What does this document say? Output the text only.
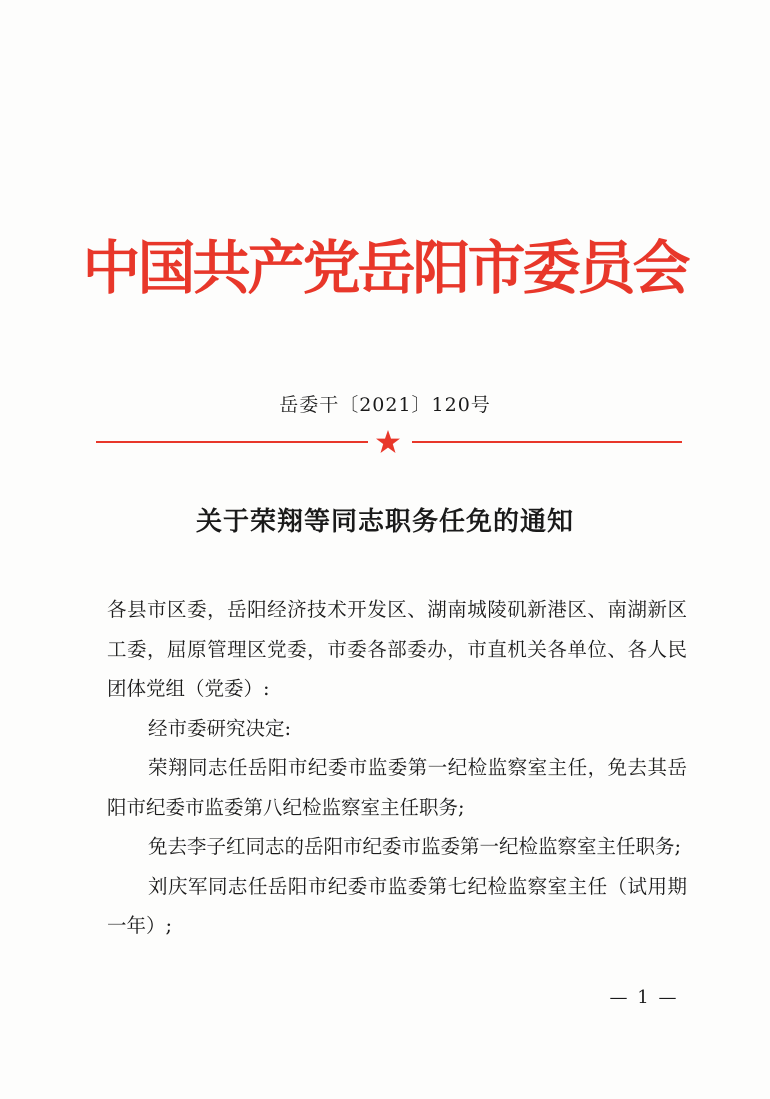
中国共产党岳阳市委员会
岳委干〔2021〕120号
关于荣翔等同志职务任免的通知

各县市区委，岳阳经济技术开发区、湖南城陵矶新港区、南湖新区工委，屈原管理区党委，市委各部委办，市直机关各单位、各人民团体党组（党委）:

经市委研究决定:

荣翔同志任岳阳市纪委市监委第一纪检监察室主任，免去其岳阳市纪委市监委第八纪检监察室主任职务;

免去李子红同志的岳阳市纪委市监委第一纪检监察室主任职务;

刘庆军同志任岳阳市纪委市监委第七纪检监察室主任（试用期一年）;

— 1 —
